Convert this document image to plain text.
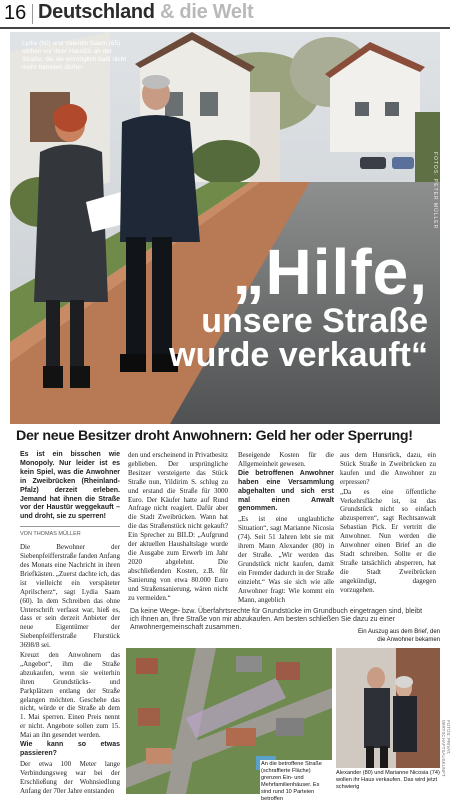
16 Deutschland & die Welt
Lydia (60) und Valentin Saam (65) stehen vor ihrer Haustür an der Straße, die sie womöglich bald nicht mehr betreten dürfen
„Hilfe,
unsere Straße
wurde verkauft“
FOTOS: PETER MÜLLER
Der neue Besitzer droht Anwohnern: Geld her oder Sperrung!

Es ist ein bisschen wie Monopoly. Nur leider ist es kein Spiel, was die Anwohner in Zweibrücken (Rheinland-Pfalz) derzeit erleben. Jemand hat ihnen die Straße vor der Haustür weggekauft – und droht, sie zu sperren!

VON THOMAS MÜLLER

Die Bewohner der Siebenpfeifferstraße fanden Anfang des Monats eine Nachricht in ihren Briefkästen. „Zuerst dachte ich, das ist vielleicht ein verspäteter Aprilscherz“, sagt Lydia Saam (60). In dem Schreiben das ohne Unterschrift verfasst war, hieß es, dass er sein derzeit Anbieter der neue Eigentümer der Siebenpfeifferstraße Flurstück 3698/8 sei.

Kreuzt den Anwohnern das „Angebot“, ihm die Straße abzukaufen, wenn sie weiterhin ihren Grundstücks- und Parkplätzen entlang der Straße gelangen möchten. Geschehe das nicht, würde er die Straße ab dem 1. Mai sperren. Einen Preis nennt er nicht. Angebote sollen zum 15. Mai an ihn gesendet werden.

Wie kann so etwas passieren?

Der etwa 100 Meter lange Verbindungsweg war bei der Erschließung der Wohnsiedlung Anfang der 70er Jahre entstanden

den und erscheinend in Privatbesitz geblieben. Der ursprüngliche Besitzer versteigerte das Stück Straße nun, Yildirim S. schlug zu und erstand die Straße für 3000 Euro. Der Käufer hatte auf Rund Anfrage nicht reagiert. Dafür aber die Stadt Zweibrücken. Wann hat die das Straßenstück nicht gekauft? Ein Sprecher zu BILD: „Aufgrund der aktuellen Haushaltslage wurde die Ausgabe zum Erwerb im Jahr 2020 abgelehnt. Die abschließenden Kosten, z.B. für Sanierung von etwa 80.000 Euro und Straßensanierung, wären nicht zu vermeiden.“

Beseigende Kosten für die Allgemeinheit gewesen.

Die betroffenen Anwohner haben eine Versammlung abgehalten und sich erst mal einen Anwalt genommen.

„Es ist eine unglaubliche Situation“, sagt Marianne Nicosia (74). Seit 51 Jahren lebt sie mit ihrem Mann Alexander (80) in der Straße. „Wir werden das Grundstück nicht kaufen, damit ein Fremder dadurch in der Straße einzieht.“ Was sie sich wie alle Anwohner fragt: Wie kommt ein Mann, angeblich

aus dem Hunsrück, dazu, ein Stück Straße in Zweibrücken zu kaufen und die Anwohner zu erpressen?

„Da es eine öffentliche Verkehrsfläche ist, ist das Grundstück nicht so einfach abzusperren“, sagt Rechtsanwalt Sebastian Pick. Er vertritt die Anwohner. Nun werden die Anwohner einen Brief an die Stadt schreiben. Sollte er die Straße tatsächlich absperren, hat die Stadt Zweibrücken angekündigt, dagegen vorzugehen.

Da keine Wege- bzw. Überfahrtsrechte für Grundstücke im Grundbuch eingetragen sind, bleibt ich Ihnen an, Ihre Straße von mir abzukaufen. Am besten schließen Sie dazu zu einer Anwohnergemeinschaft zusammen.
An die betroffene Straße (schraffierte Fläche) grenzen Ein- und Mehrfamilienhäuser. Es sind rund 10 Parteien betroffen
Ein Auszug aus dem Brief, den die Anwohner bekamen
Alexander (80) und Marianne Nicosia (74) wollen ihr Haus verkaufen. Das wird jetzt schwierig
FOTOS: PRIVAT, WIRTSCHAFTSAUSKUNFT
